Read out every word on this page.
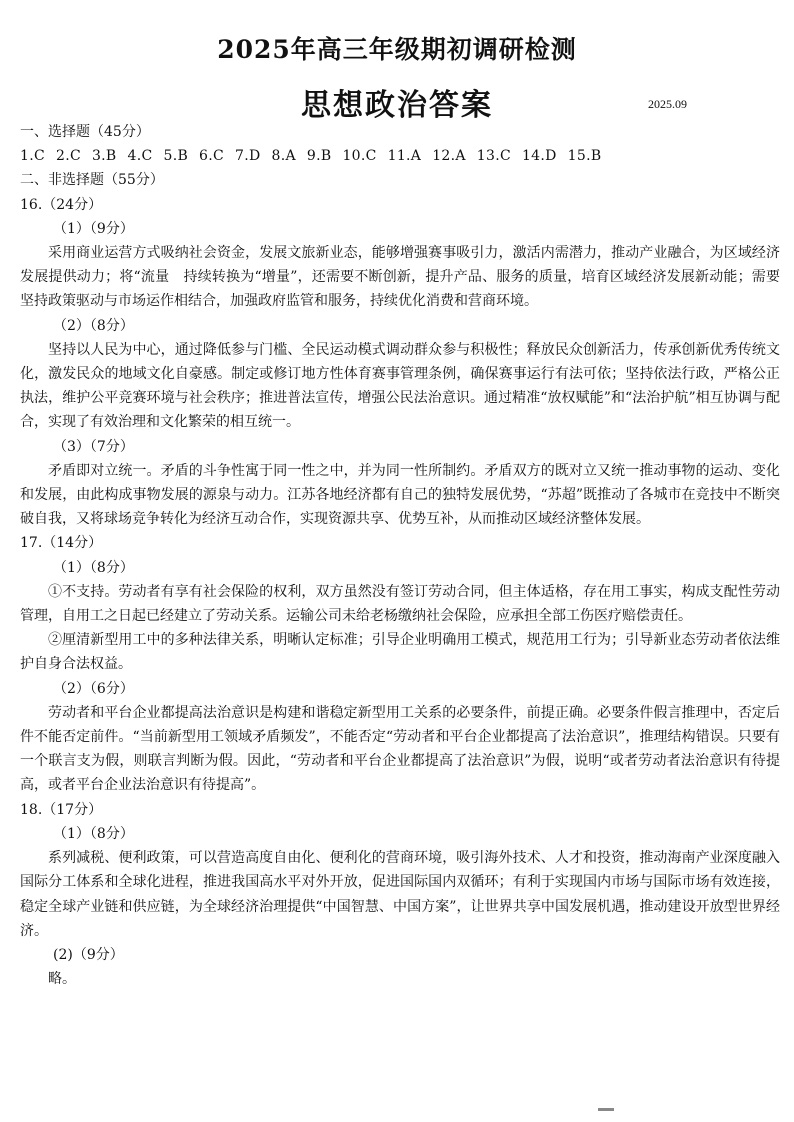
2025年高三年级期初调研检测
思想政治答案	2025.09
一、选择题（45分）
1.C 2.C 3.B 4.C 5.B 6.C 7.D 8.A 9.B 10.C 11.A 12.A 13.C 14.D 15.B
二、非选择题（55分）
16.（24分）
（1）（9分）
采用商业运营方式吸纳社会资金，发展文旅新业态，能够增强赛事吸引力，激活内需潜力，推动产业融合，为区域经济发展提供动力；将“流量　持续转换为“增量”，还需要不断创新，提升产品、服务的质量，培育区域经济发展新动能；需要坚持政策驱动与市场运作相结合，加强政府监管和服务，持续优化消费和营商环境。
（2）（8分）
坚持以人民为中心，通过降低参与门槛、全民运动模式调动群众参与积极性；释放民众创新活力，传承创新优秀传统文化，激发民众的地域文化自豪感。制定或修订地方性体育赛事管理条例，确保赛事运行有法可依；坚持依法行政，严格公正执法，维护公平竞赛环境与社会秩序；推进普法宣传，增强公民法治意识。通过精准“放权赋能”和“法治护航”相互协调与配合，实现了有效治理和文化繁荣的相互统一。
（3）（7分）
矛盾即对立统一。矛盾的斗争性寓于同一性之中，并为同一性所制约。矛盾双方的既对立又统一推动事物的运动、变化和发展，由此构成事物发展的源泉与动力。江苏各地经济都有自己的独特发展优势，“苏超”既推动了各城市在竞技中不断突破自我，又将球场竞争转化为经济互动合作，实现资源共享、优势互补，从而推动区域经济整体发展。
17.（14分）
（1）（8分）
①不支持。劳动者有享有社会保险的权利，双方虽然没有签订劳动合同，但主体适格，存在用工事实，构成支配性劳动管理，自用工之日起已经建立了劳动关系。运输公司未给老杨缴纳社会保险，应承担全部工伤医疗赔偿责任。
②厘清新型用工中的多种法律关系，明晰认定标准；引导企业明确用工模式，规范用工行为；引导新业态劳动者依法维护自身合法权益。
（2）（6分）
劳动者和平台企业都提高法治意识是构建和谐稳定新型用工关系的必要条件，前提正确。必要条件假言推理中，否定后件不能否定前件。“当前新型用工领域矛盾频发”，不能否定“劳动者和平台企业都提高了法治意识”，推理结构错误。只要有一个联言支为假，则联言判断为假。因此，“劳动者和平台企业都提高了法治意识”为假，说明“或者劳动者法治意识有待提高，或者平台企业法治意识有待提高”。
18.（17分）
（1）（8分）
系列减税、便利政策，可以营造高度自由化、便利化的营商环境，吸引海外技术、人才和投资，推动海南产业深度融入国际分工体系和全球化进程，推进我国高水平对外开放，促进国际国内双循环；有利于实现国内市场与国际市场有效连接，稳定全球产业链和供应链，为全球经济治理提供“中国智慧、中国方案”，让世界共享中国发展机遇，推动建设开放型世界经济。
(2)（9分）
略。
